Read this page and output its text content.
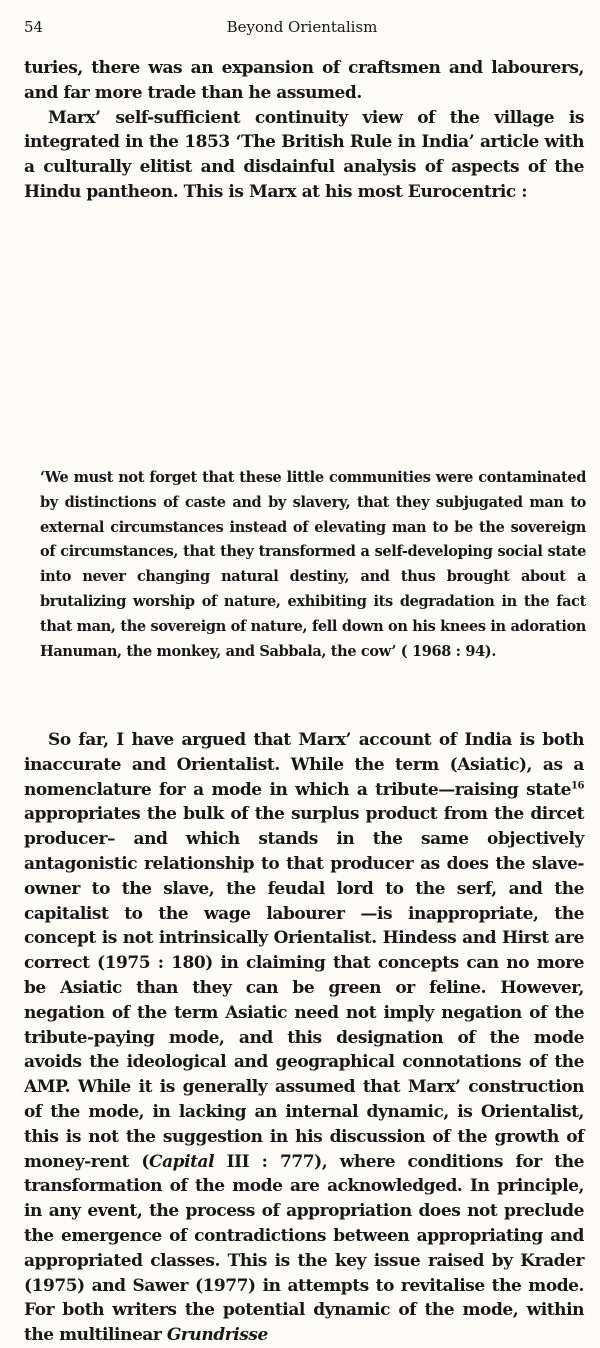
54	Beyond Orientalism

turies, there was an expansion of craftsmen and labourers, and far more trade than he assumed.

Marx’ self-sufficient continuity view of the village is integrated in the 1853 ‘The British Rule in India’ article with a culturally elitist and disdainful analysis of aspects of the Hindu pantheon. This is Marx at his most Eurocentric :

‘We must not forget that these little communities were contaminated by distinctions of caste and by slavery, that they subjugated man to external circumstances instead of elevating man to be the sovereign of circumstances, that they transformed a self-developing social state into never changing natural destiny, and thus brought about a brutalizing worship of nature, exhibiting its degradation in the fact that man, the sovereign of nature, fell down on his knees in adoration Hanuman, the monkey, and Sabbala, the cow’ ( 1968 : 94).

So far, I have argued that Marx’ account of India is both inaccurate and Orientalist. While the term (Asiatic), as a nomenclature for a mode in which a tribute—raising state$^{16}$ appropriates the bulk of the surplus product from the dircet producer– and which stands in the same objectively antagonistic relationship to that producer as does the slave-owner to the slave, the feudal lord to the serf, and the capitalist to the wage labourer —is inappropriate, the concept is not intrinsically Orientalist. Hindess and Hirst are correct (1975 : 180) in claiming that concepts can no more be Asiatic than they can be green or feline. However, negation of the term Asiatic need not imply negation of the tribute-paying mode, and this designation of the mode avoids the ideological and geographical connotations of the AMP. While it is generally assumed that Marx’ construction of the mode, in lacking an internal dynamic, is Orientalist, this is not the suggestion in his discussion of the growth of money-rent (Capital III : 777), where conditions for the transformation of the mode are acknowledged. In principle, in any event, the process of appropriation does not preclude the emergence of contradictions between appropriating and appropriated classes. This is the key issue raised by Krader (1975) and Sawer (1977) in attempts to revitalise the mode. For both writers the potential dynamic of the mode, within the multilinear Grundrisse
